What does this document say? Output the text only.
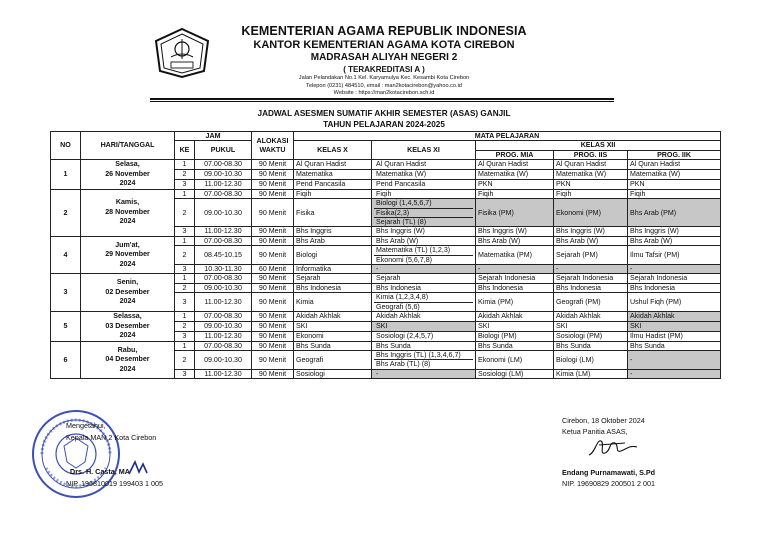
KEMENTERIAN AGAMA REPUBLIK INDONESIA
KANTOR KEMENTERIAN AGAMA KOTA CIREBON
MADRASAH ALIYAH NEGERI 2
( TERAKREDITASI A )
Jalan Pelandakan No.1 Kel. Karyamulya Kec. Kesambi Kota Cirebon
Telepon (0231) 484510, email : man2kotacirebon@yahoo.co.id
Website : https://man2kotacirebon.sch.id
JADWAL ASESMEN SUMATIF AKHIR SEMESTER (ASAS) GANJIL
TAHUN PELAJARAN 2024-2025
NO	HARI/TANGGAL	JAM		ALOKASI
WAKTU	MATA PELAJARAN				
		KE	PUKUL		KELAS X	KELAS XI	KELAS XII		
							PROG. MIA	PROG. IIS	PROG. IIK
1	Selasa,
26 November
2024	1	07.00-08.30	90 Menit	Al Quran Hadist	Al Quran Hadist	Al Quran Hadist	Al Quran Hadist	Al Quran Hadist
		2	09.00-10.30	90 Menit	Matematika	Matematika (W)	Matematika (W)	Matematika (W)	Matematika (W)
		3	11.00-12.30	90 Menit	Pend Pancasila	Pend Pancasila	PKN	PKN	PKN
2	Kamis,
28 November
2024	1	07.00-08.30	90 Menit	Fiqih	Fiqih	Fiqih	Fiqih	Fiqih
		2	09.00-10.30	90 Menit	Fisika	Biologi (1,4,5,6,7)
Fisika(2,3)
Sejarah (TL) (8)	Fisika (PM)	Ekonomi (PM)	Bhs Arab (PM)
		3	11.00-12.30	90 Menit	Bhs Inggris	Bhs Inggris (W)	Bhs Inggris (W)	Bhs Inggris (W)	Bhs Inggris (W)
4	Jum'at,
29 November
2024	1	07.00-08.30	90 Menit	Bhs Arab	Bhs Arab (W)	Bhs Arab (W)	Bhs Arab (W)	Bhs Arab (W)
		2	08.45-10.15	90 Menit	Biologi	Matematika (TL) (1,2,3)
Ekonomi (5,6,7,8)	Matematika (PM)	Sejarah (PM)	Ilmu Tafsir (PM)
		3	10.30-11.30	60 Menit	Informatika	-	-	-	-
3	Senin,
02 Desember
2024	1	07.00-08.30	90 Menit	Sejarah	Sejarah	Sejarah Indonesia	Sejarah Indonesia	Sejarah Indonesia
		2	09.00-10.30	90 Menit	Bhs Indonesia	Bhs Indonesia	Bhs Indonesia	Bhs Indonesia	Bhs Indonesia
		3	11.00-12.30	90 Menit	Kimia	Kimia (1,2,3,4,8)
Geografi (5,6)	Kimia (PM)	Geografi (PM)	Ushul Fiqh (PM)
5	Selassa,
03 Desember
2024	1	07.00-08.30	90 Menit	Akidah Akhlak	Akidah Akhlak	Akidah Akhlak	Akidah Akhlak	Akidah Akhlak
		2	09.00-10.30	90 Menit	SKI	SKI	SKI	SKI	SKI
		3	11.00-12.30	90 Menit	Ekonomi	Sosiologi (2,4,5,7)	Biologi (PM)	Sosiologi (PM)	Ilmu Hadist (PM)
6	Rabu,
04 Desember
2024	1	07.00-08.30	90 Menit	Bhs Sunda	Bhs Sunda	Bhs Sunda	Bhs Sunda	Bhs Sunda
		2	09.00-10.30	90 Menit	Geografi	Bhs Inggris (TL) (1,3,4,6,7)
Bhs Arab (TL) (8)	Ekonomi (LM)	Biologi (LM)	-
		3	11.00-12.30	90 Menit	Sosiologi	-	Sosiologi (LM)	Kimia (LM)	-
Mengetahui,
Kepala MAN 2 Kota Cirebon
Drs. H. Casta, MA
NIP. 196810019 199403 1 005
Cirebon, 18 Oktober 2024
Ketua Panitia ASAS,
Endang Purnamawati, S.Pd
NIP. 19690829 200501 2 001
